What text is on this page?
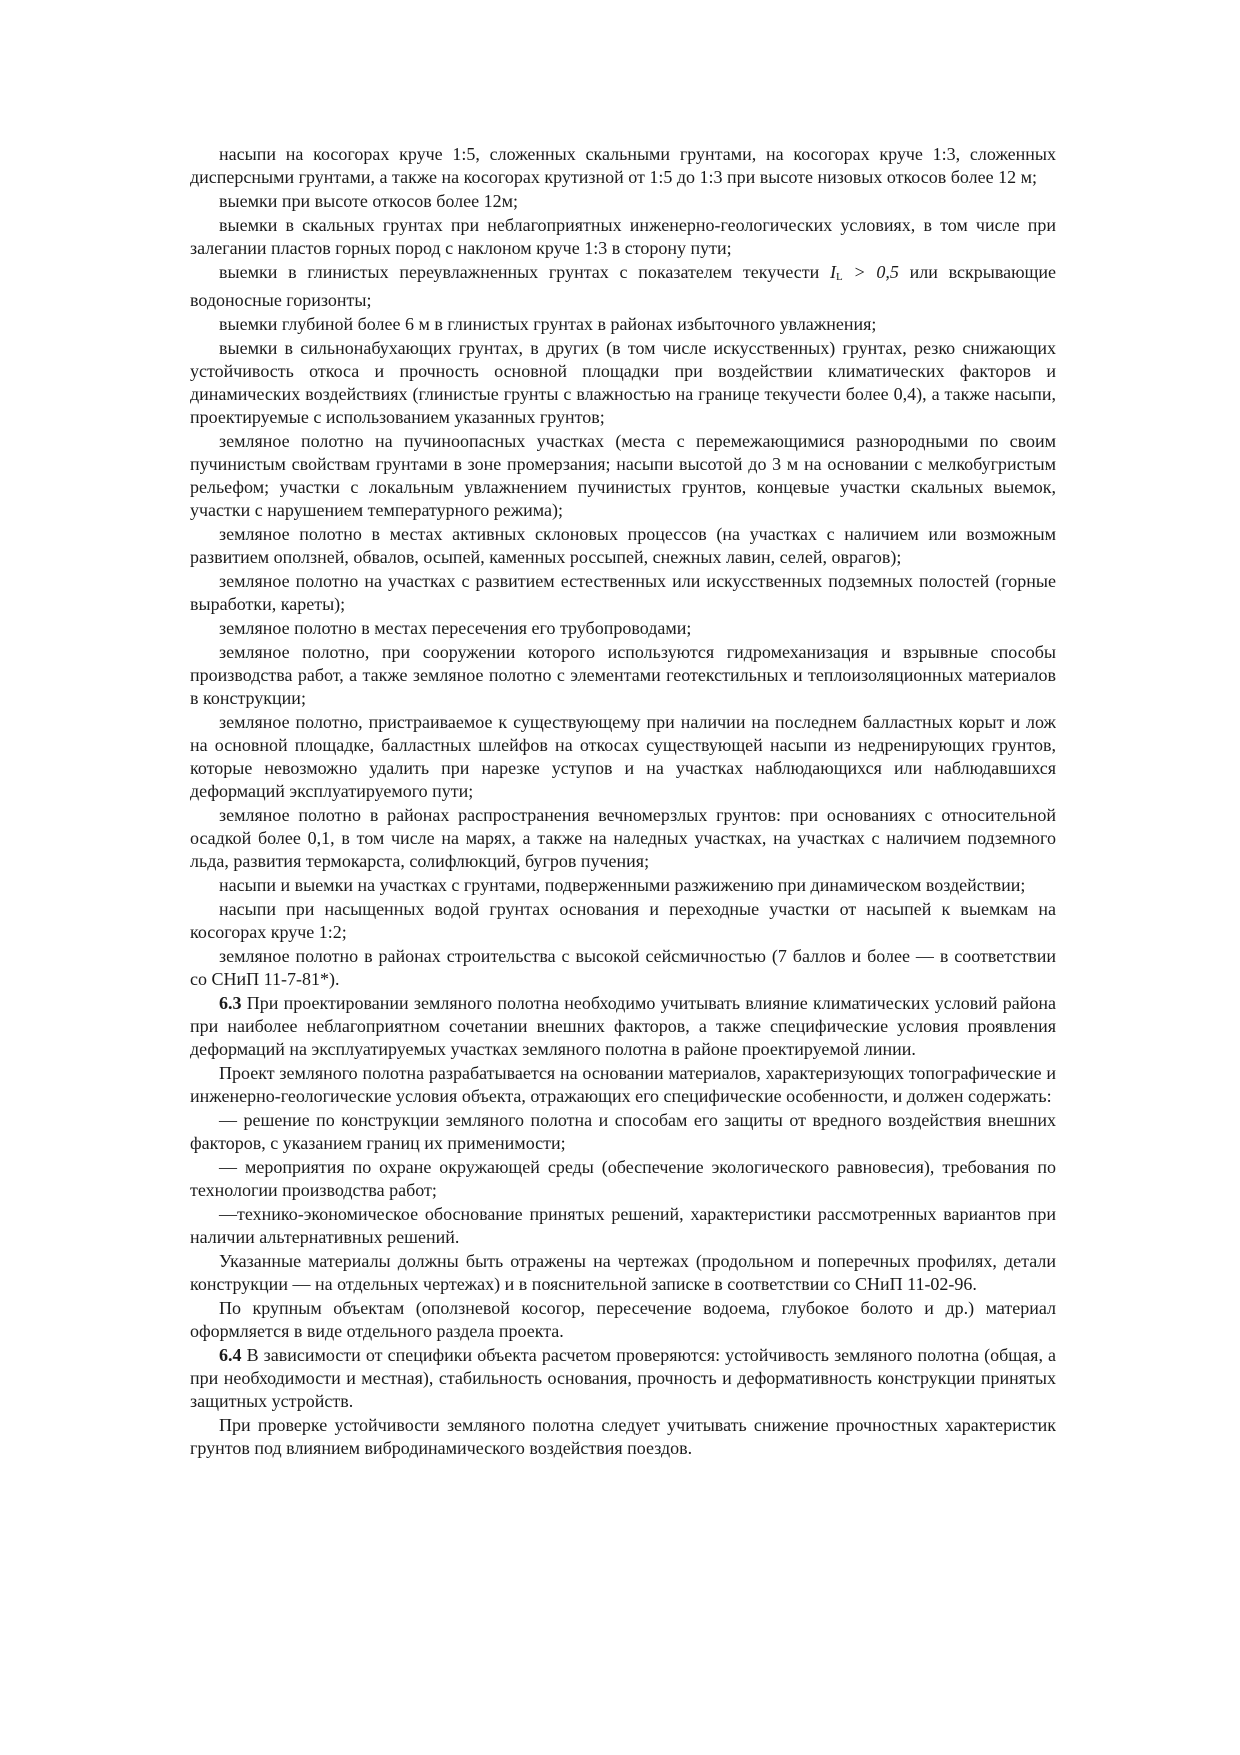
насыпи на косогорах круче 1:5, сложенных скальными грунтами, на косогорах круче 1:3, сложенных дисперсными грунтами, а также на косогорах крутизной от 1:5 до 1:3 при высоте низовых откосов более 12 м;

выемки при высоте откосов более 12м;

выемки в скальных грунтах при неблагоприятных инженерно-геологических условиях, в том числе при залегании пластов горных пород с наклоном круче 1:3 в сторону пути;

выемки в глинистых переувлажненных грунтах с показателем текучести IL > 0,5 или вскрывающие водоносные горизонты;

выемки глубиной более 6 м в глинистых грунтах в районах избыточного увлажнения;

выемки в сильнонабухающих грунтах, в других (в том числе искусственных) грунтах, резко снижающих устойчивость откоса и прочность основной площадки при воздействии климатических факторов и динамических воздействиях (глинистые грунты с влажностью на границе текучести более 0,4), а также насыпи, проектируемые с использованием указанных грунтов;

земляное полотно на пучиноопасных участках (места с перемежающимися разнородными по своим пучинистым свойствам грунтами в зоне промерзания; насыпи высотой до 3 м на основании с мелкобугристым рельефом; участки с локальным увлажнением пучинистых грунтов, концевые участки скальных выемок, участки с нарушением температурного режима);

земляное полотно в местах активных склоновых процессов (на участках с наличием или возможным развитием оползней, обвалов, осыпей, каменных россыпей, снежных лавин, селей, оврагов);

земляное полотно на участках с развитием естественных или искусственных подземных полостей (горные выработки, кареты);

земляное полотно в местах пересечения его трубопроводами;

земляное полотно, при сооружении которого используются гидромеханизация и взрывные способы производства работ, а также земляное полотно с элементами геотекстильных и теплоизоляционных материалов в конструкции;

земляное полотно, пристраиваемое к существующему при наличии на последнем балластных корыт и лож на основной площадке, балластных шлейфов на откосах существующей насыпи из недренирующих грунтов, которые невозможно удалить при нарезке уступов и на участках наблюдающихся или наблюдавшихся деформаций эксплуатируемого пути;

земляное полотно в районах распространения вечномерзлых грунтов: при основаниях с относительной осадкой более 0,1, в том числе на марях, а также на наледных участках, на участках с наличием подземного льда, развития термокарста, солифлюкций, бугров пучения;

насыпи и выемки на участках с грунтами, подверженными разжижению при динамическом воздействии;

насыпи при насыщенных водой грунтах основания и переходные участки от насыпей к выемкам на косогорах круче 1:2;

земляное полотно в районах строительства с высокой сейсмичностью (7 баллов и более — в соответствии со СНиП 11-7-81*).

6.3 При проектировании земляного полотна необходимо учитывать влияние климатических условий района при наиболее неблагоприятном сочетании внешних факторов, а также специфические условия проявления деформаций на эксплуатируемых участках земляного полотна в районе проектируемой линии.

Проект земляного полотна разрабатывается на основании материалов, характеризующих топографические и инженерно-геологические условия объекта, отражающих его специфические особенности, и должен содержать:

— решение по конструкции земляного полотна и способам его защиты от вредного воздействия внешних факторов, с указанием границ их применимости;

— мероприятия по охране окружающей среды (обеспечение экологического равновесия), требования по технологии производства работ;

—технико-экономическое обоснование принятых решений, характеристики рассмотренных вариантов при наличии альтернативных решений.

Указанные материалы должны быть отражены на чертежах (продольном и поперечных профилях, детали конструкции — на отдельных чертежах) и в пояснительной записке в соответствии со СНиП 11-02-96.

По крупным объектам (оползневой косогор, пересечение водоема, глубокое болото и др.) материал оформляется в виде отдельного раздела проекта.

6.4 В зависимости от специфики объекта расчетом проверяются: устойчивость земляного полотна (общая, а при необходимости и местная), стабильность основания, прочность и деформативность конструкции принятых защитных устройств.

При проверке устойчивости земляного полотна следует учитывать снижение прочностных характеристик грунтов под влиянием вибродинамического воздействия поездов.
